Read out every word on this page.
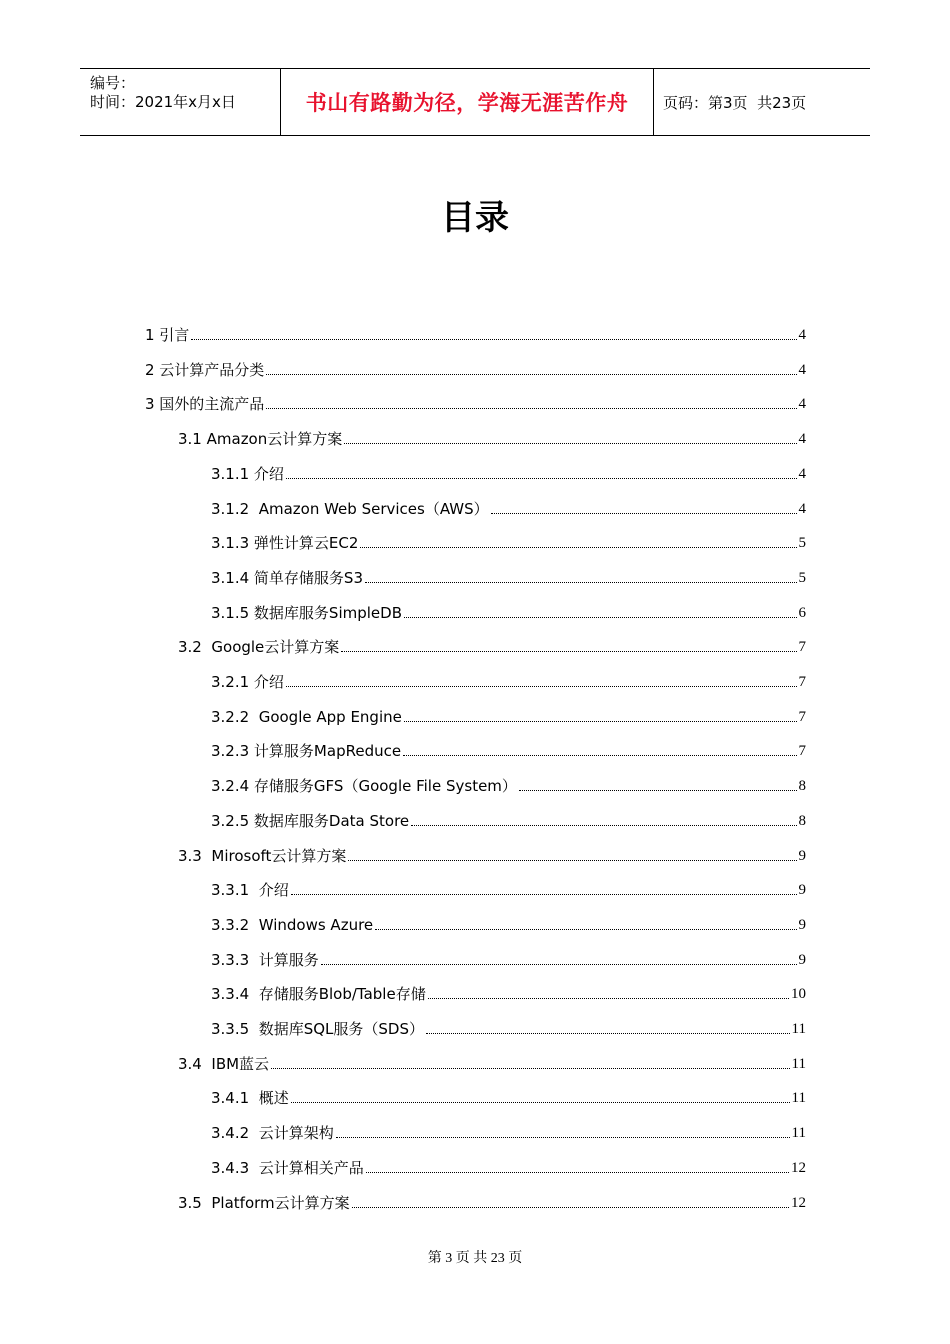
编号：
时间：2021年x月x日	书山有路勤为径，学海无涯苦作舟	页码：第3页  共23页
目录
1 引言	4
2 云计算产品分类	4
3 国外的主流产品	4
3.1 Amazon云计算方案	4
3.1.1 介绍	4
3.1.2  Amazon Web Services（AWS）	4
3.1.3 弹性计算云EC2	5
3.1.4 简单存储服务S3	5
3.1.5 数据库服务SimpleDB	6
3.2  Google云计算方案	7
3.2.1 介绍	7
3.2.2  Google App Engine	7
3.2.3 计算服务MapReduce	7
3.2.4 存储服务GFS（Google File System）	8
3.2.5 数据库服务Data Store	8
3.3  Mirosoft云计算方案	9
3.3.1  介绍	9
3.3.2  Windows Azure	9
3.3.3  计算服务	9
3.3.4  存储服务Blob/Table存储	10
3.3.5  数据库SQL服务（SDS）	11
3.4  IBM蓝云	11
3.4.1  概述	11
3.4.2  云计算架构	11
3.4.3  云计算相关产品	12
3.5  Platform云计算方案	12
第 3 页 共 23 页
